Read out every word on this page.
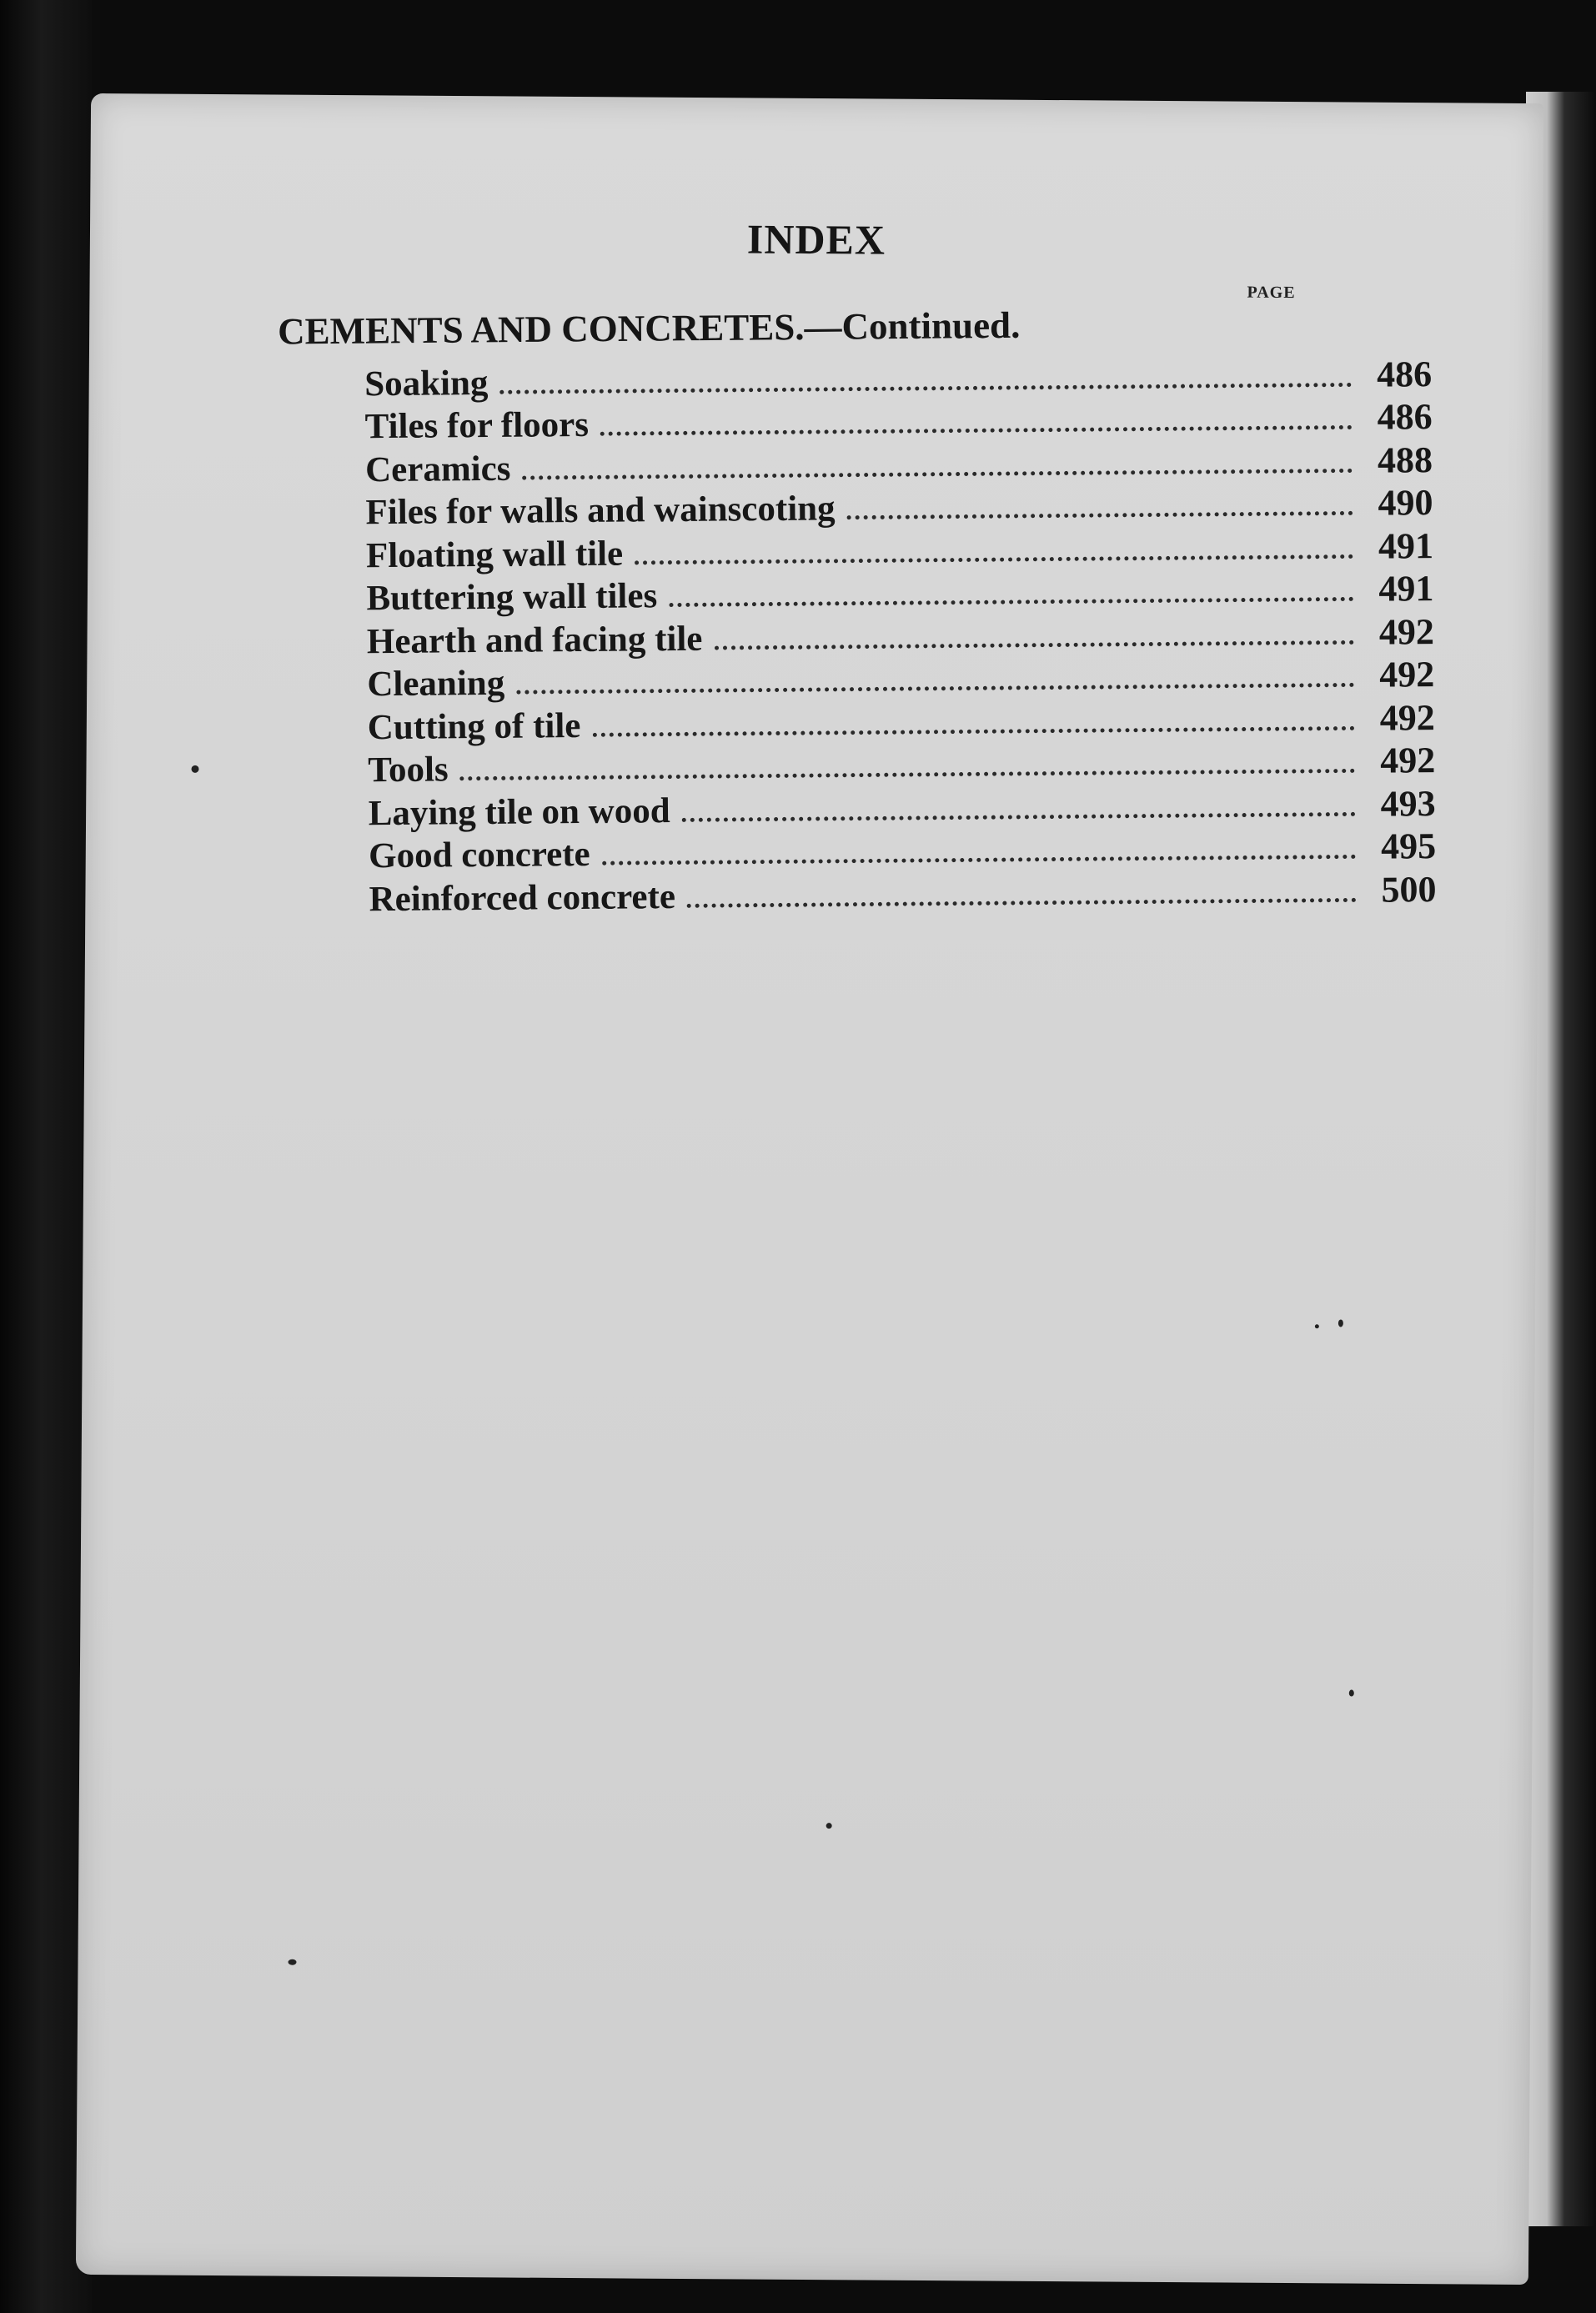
INDEX
PAGE
CEMENTS AND CONCRETES.—Continued.
Soaking	486
Tiles for floors	486
Ceramics	488
Files for walls and wainscoting	490
Floating wall tile	491
Buttering wall tiles	491
Hearth and facing tile	492
Cleaning	492
Cutting of tile	492
Tools	492
Laying tile on wood	493
Good concrete	495
Reinforced concrete	500
